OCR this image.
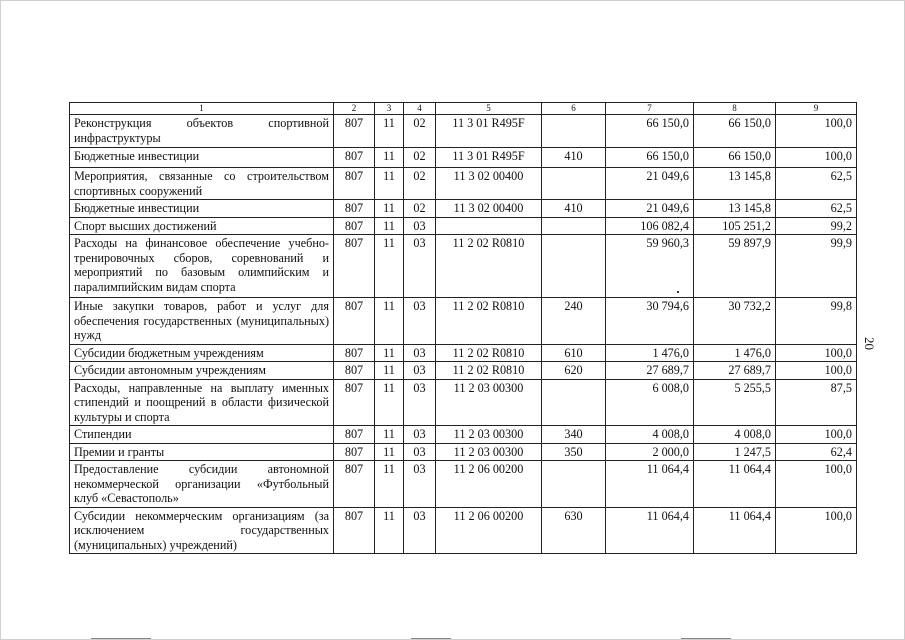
1	2	3	4	5	6	7	8	9
Реконструкция объектов спортивной инфраструктуры	807	11	02	11 3 01 R495F		66 150,0	66 150,0	100,0
Бюджетные инвестиции	807	11	02	11 3 01 R495F	410	66 150,0	66 150,0	100,0
Мероприятия, связанные со строительством спортивных сооружений	807	11	02	11 3 02 00400		21 049,6	13 145,8	62,5
Бюджетные инвестиции	807	11	02	11 3 02 00400	410	21 049,6	13 145,8	62,5
Спорт высших достижений	807	11	03			106 082,4	105 251,2	99,2
Расходы на финансовое обеспечение учебно-тренировочных сборов, соревнований и мероприятий по базовым олимпийским и паралимпийским видам спорта	807	11	03	11 2 02 R0810		59 960,3	59 897,9	99,9
Иные закупки товаров, работ и услуг для обеспечения государственных (муниципальных) нужд	807	11	03	11 2 02 R0810	240	30 794,6	30 732,2	99,8
Субсидии бюджетным учреждениям	807	11	03	11 2 02 R0810	610	1 476,0	1 476,0	100,0
Субсидии автономным учреждениям	807	11	03	11 2 02 R0810	620	27 689,7	27 689,7	100,0
Расходы, направленные на выплату именных стипендий и поощрений в области физической культуры и спорта	807	11	03	11 2 03 00300		6 008,0	5 255,5	87,5
Стипендии	807	11	03	11 2 03 00300	340	4 008,0	4 008,0	100,0
Премии и гранты	807	11	03	11 2 03 00300	350	2 000,0	1 247,5	62,4
Предоставление субсидии автономной некоммерческой организации «Футбольный клуб «Севастополь»	807	11	03	11 2 06 00200		11 064,4	11 064,4	100,0
Субсидии некоммерческим организациям (за исключением государственных (муниципальных) учреждений)	807	11	03	11 2 06 00200	630	11 064,4	11 064,4	100,0
20
